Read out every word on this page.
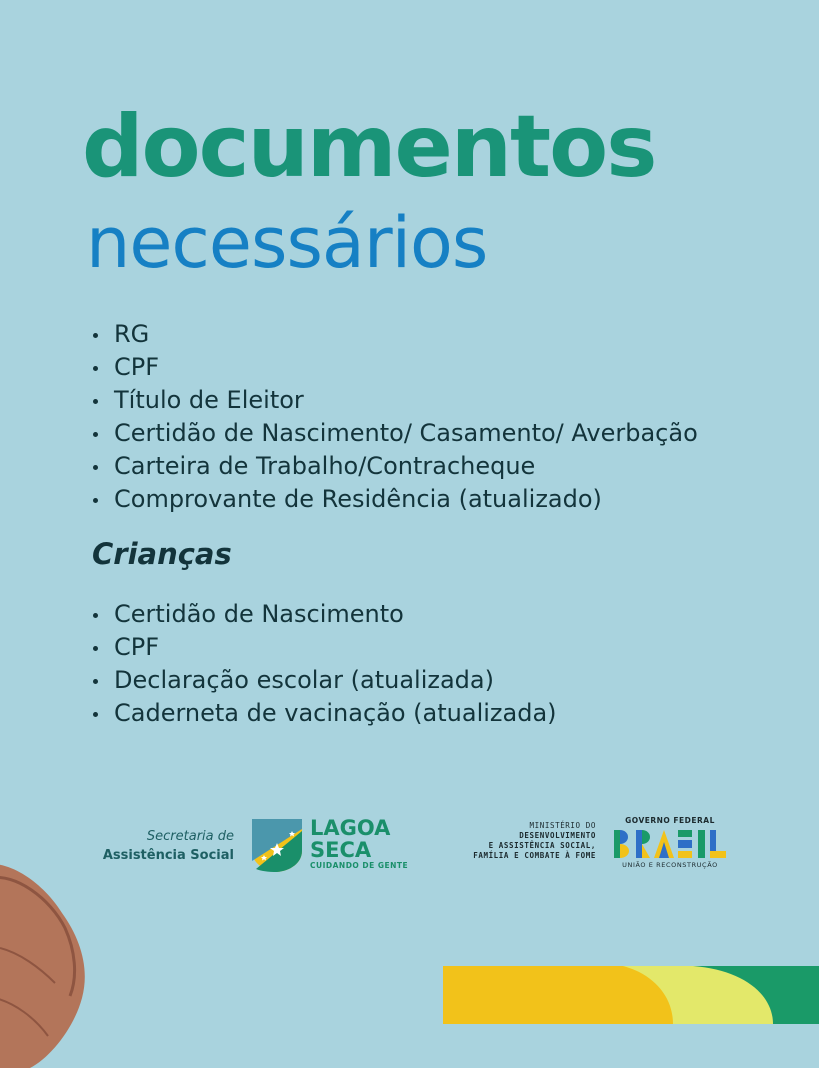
documentos
necessários
RG
CPF
Título de Eleitor
Certidão de Nascimento/ Casamento/ Averbação
Carteira de Trabalho/Contracheque
Comprovante de Residência (atualizado)
Crianças
Certidão de Nascimento
CPF
Declaração escolar (atualizada)
Caderneta de vacinação (atualizada)
Secretaria de
Assistência Social
LAGOA
SECA
CUIDANDO DE GENTE
MINISTÉRIO DO
DESENVOLVIMENTO
E ASSISTÊNCIA SOCIAL,
FAMÍLIA E COMBATE À FOME
GOVERNO FEDERAL
UNIÃO E RECONSTRUÇÃO
